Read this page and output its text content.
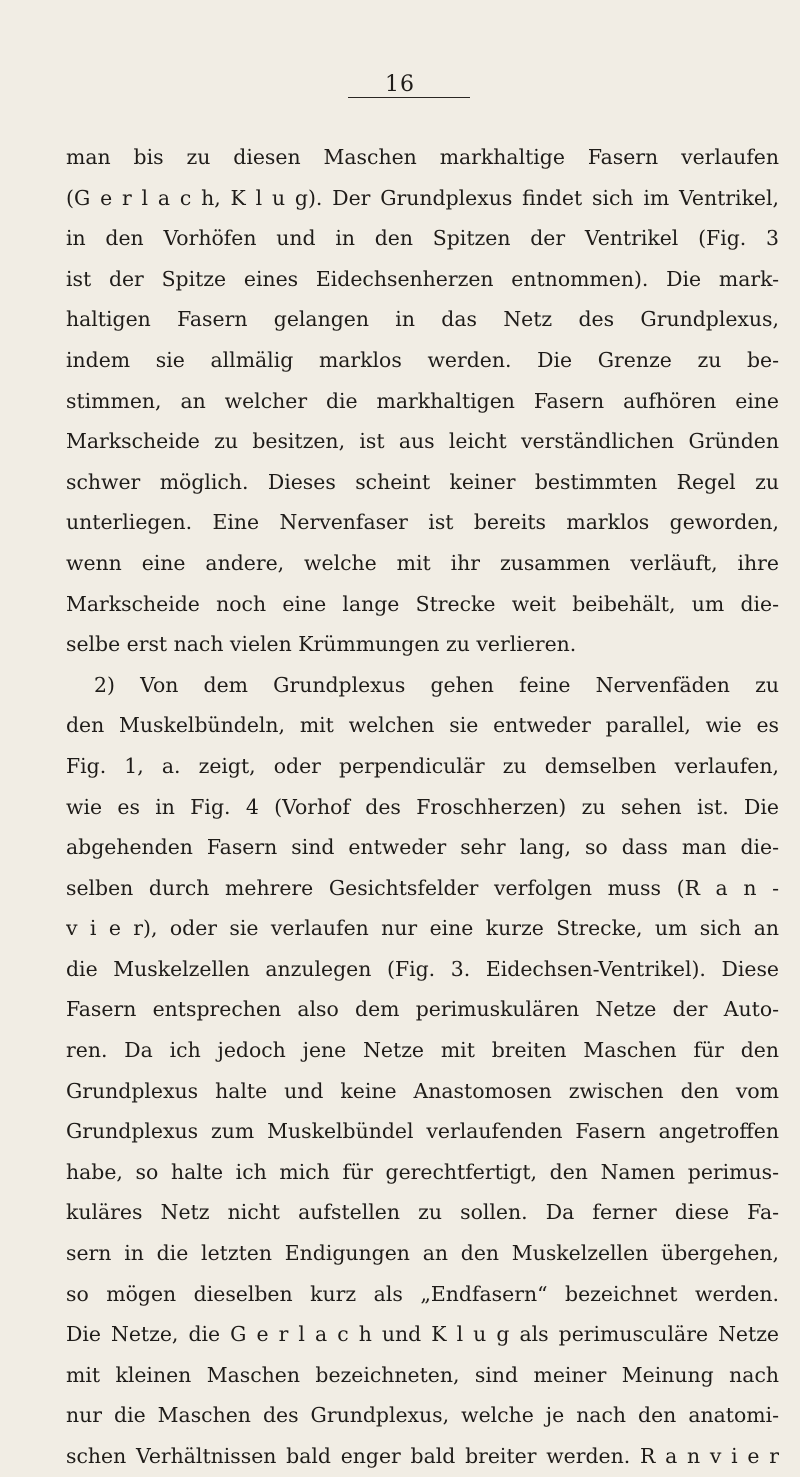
16
man bis zu diesen Maschen markhaltige Fasern verlaufen
(G e r l a c h, K l u g). Der Grundplexus findet sich im Ventrikel,
in den Vorhöfen und in den Spitzen der Ventrikel (Fig. 3
ist der Spitze eines Eidechsenherzen entnommen). Die mark-
haltigen Fasern gelangen in das Netz des Grundplexus,
indem sie allmälig marklos werden. Die Grenze zu be-
stimmen, an welcher die markhaltigen Fasern aufhören eine
Markscheide zu besitzen, ist aus leicht verständlichen Gründen
schwer möglich. Dieses scheint keiner bestimmten Regel zu
unterliegen. Eine Nervenfaser ist bereits marklos geworden,
wenn eine andere, welche mit ihr zusammen verläuft, ihre
Markscheide noch eine lange Strecke weit beibehält, um die-
selbe erst nach vielen Krümmungen zu verlieren.
2) Von dem Grundplexus gehen feine Nervenfäden zu
den Muskelbündeln, mit welchen sie entweder parallel, wie es
Fig. 1, a. zeigt, oder perpendiculär zu demselben verlaufen,
wie es in Fig. 4 (Vorhof des Froschherzen) zu sehen ist. Die
abgehenden Fasern sind entweder sehr lang, so dass man die-
selben durch mehrere Gesichtsfelder verfolgen muss (R a n -
v i e r), oder sie verlaufen nur eine kurze Strecke, um sich an
die Muskelzellen anzulegen (Fig. 3. Eidechsen-Ventrikel). Diese
Fasern entsprechen also dem perimuskulären Netze der Auto-
ren. Da ich jedoch jene Netze mit breiten Maschen für den
Grundplexus halte und keine Anastomosen zwischen den vom
Grundplexus zum Muskelbündel verlaufenden Fasern angetroffen
habe, so halte ich mich für gerechtfertigt, den Namen perimus-
kuläres Netz nicht aufstellen zu sollen. Da ferner diese Fa-
sern in die letzten Endigungen an den Muskelzellen übergehen,
so mögen dieselben kurz als „Endfasern“ bezeichnet werden.
Die Netze, die G e r l a c h und K l u g als perimusculäre Netze
mit kleinen Maschen bezeichneten, sind meiner Meinung nach
nur die Maschen des Grundplexus, welche je nach den anatomi-
schen Verhältnissen bald enger bald breiter werden. R a n v i e r
